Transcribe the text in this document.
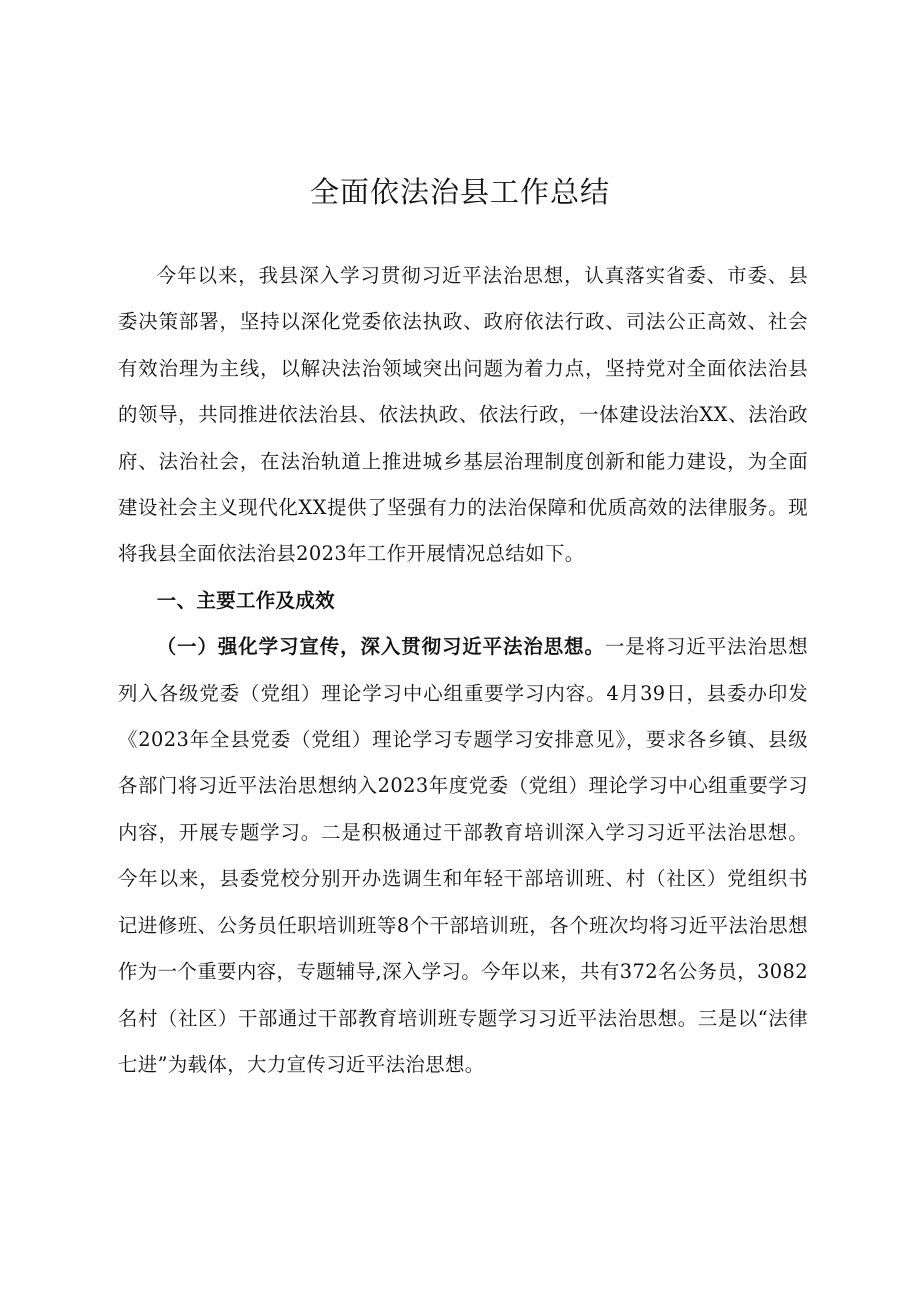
全面依法治县工作总结

今年以来，我县深入学习贯彻习近平法治思想，认真落实省委、市委、县委决策部署，坚持以深化党委依法执政、政府依法行政、司法公正高效、社会有效治理为主线，以解决法治领域突出问题为着力点，坚持党对全面依法治县的领导，共同推进依法治县、依法执政、依法行政，一体建设法治XX、法治政府、法治社会，在法治轨道上推进城乡基层治理制度创新和能力建设，为全面建设社会主义现代化XX提供了坚强有力的法治保障和优质高效的法律服务。现将我县全面依法治县2023年工作开展情况总结如下。

一、主要工作及成效

（一）强化学习宣传，深入贯彻习近平法治思想。一是将习近平法治思想列入各级党委（党组）理论学习中心组重要学习内容。4月39日，县委办印发《2023年全县党委（党组）理论学习专题学习安排意见》，要求各乡镇、县级各部门将习近平法治思想纳入2023年度党委（党组）理论学习中心组重要学习内容，开展专题学习。二是积极通过干部教育培训深入学习习近平法治思想。今年以来，县委党校分别开办选调生和年轻干部培训班、村（社区）党组织书记进修班、公务员任职培训班等8个干部培训班，各个班次均将习近平法治思想作为一个重要内容，专题辅导,深入学习。今年以来，共有372名公务员，3082名村（社区）干部通过干部教育培训班专题学习习近平法治思想。三是以“法律七进”为载体，大力宣传习近平法治思想。
